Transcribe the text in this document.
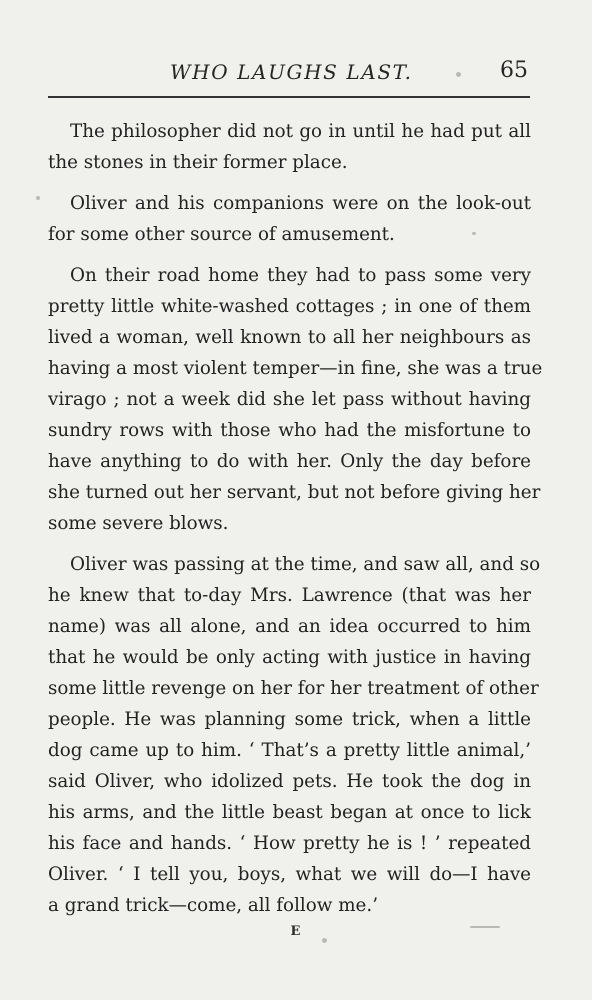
WHO LAUGHS LAST.	65
The philosopher did not go in until he had put all
the stones in their former place.
Oliver and his companions were on the look-out
for some other source of amusement.
On their road home they had to pass some very
pretty little white-washed cottages ; in one of them
lived a woman, well known to all her neighbours as
having a most violent temper—in fine, she was a true
virago ; not a week did she let pass without having
sundry rows with those who had the misfortune to
have anything to do with her. Only the day before
she turned out her servant, but not before giving her
some severe blows.
Oliver was passing at the time, and saw all, and so
he knew that to-day Mrs. Lawrence (that was her
name) was all alone, and an idea occurred to him
that he would be only acting with justice in having
some little revenge on her for her treatment of other
people. He was planning some trick, when a little
dog came up to him. ‘ That’s a pretty little animal,’
said Oliver, who idolized pets. He took the dog in
his arms, and the little beast began at once to lick
his face and hands. ‘ How pretty he is ! ’ repeated
Oliver. ‘ I tell you, boys, what we will do—I have
a grand trick—come, all follow me.’
E
